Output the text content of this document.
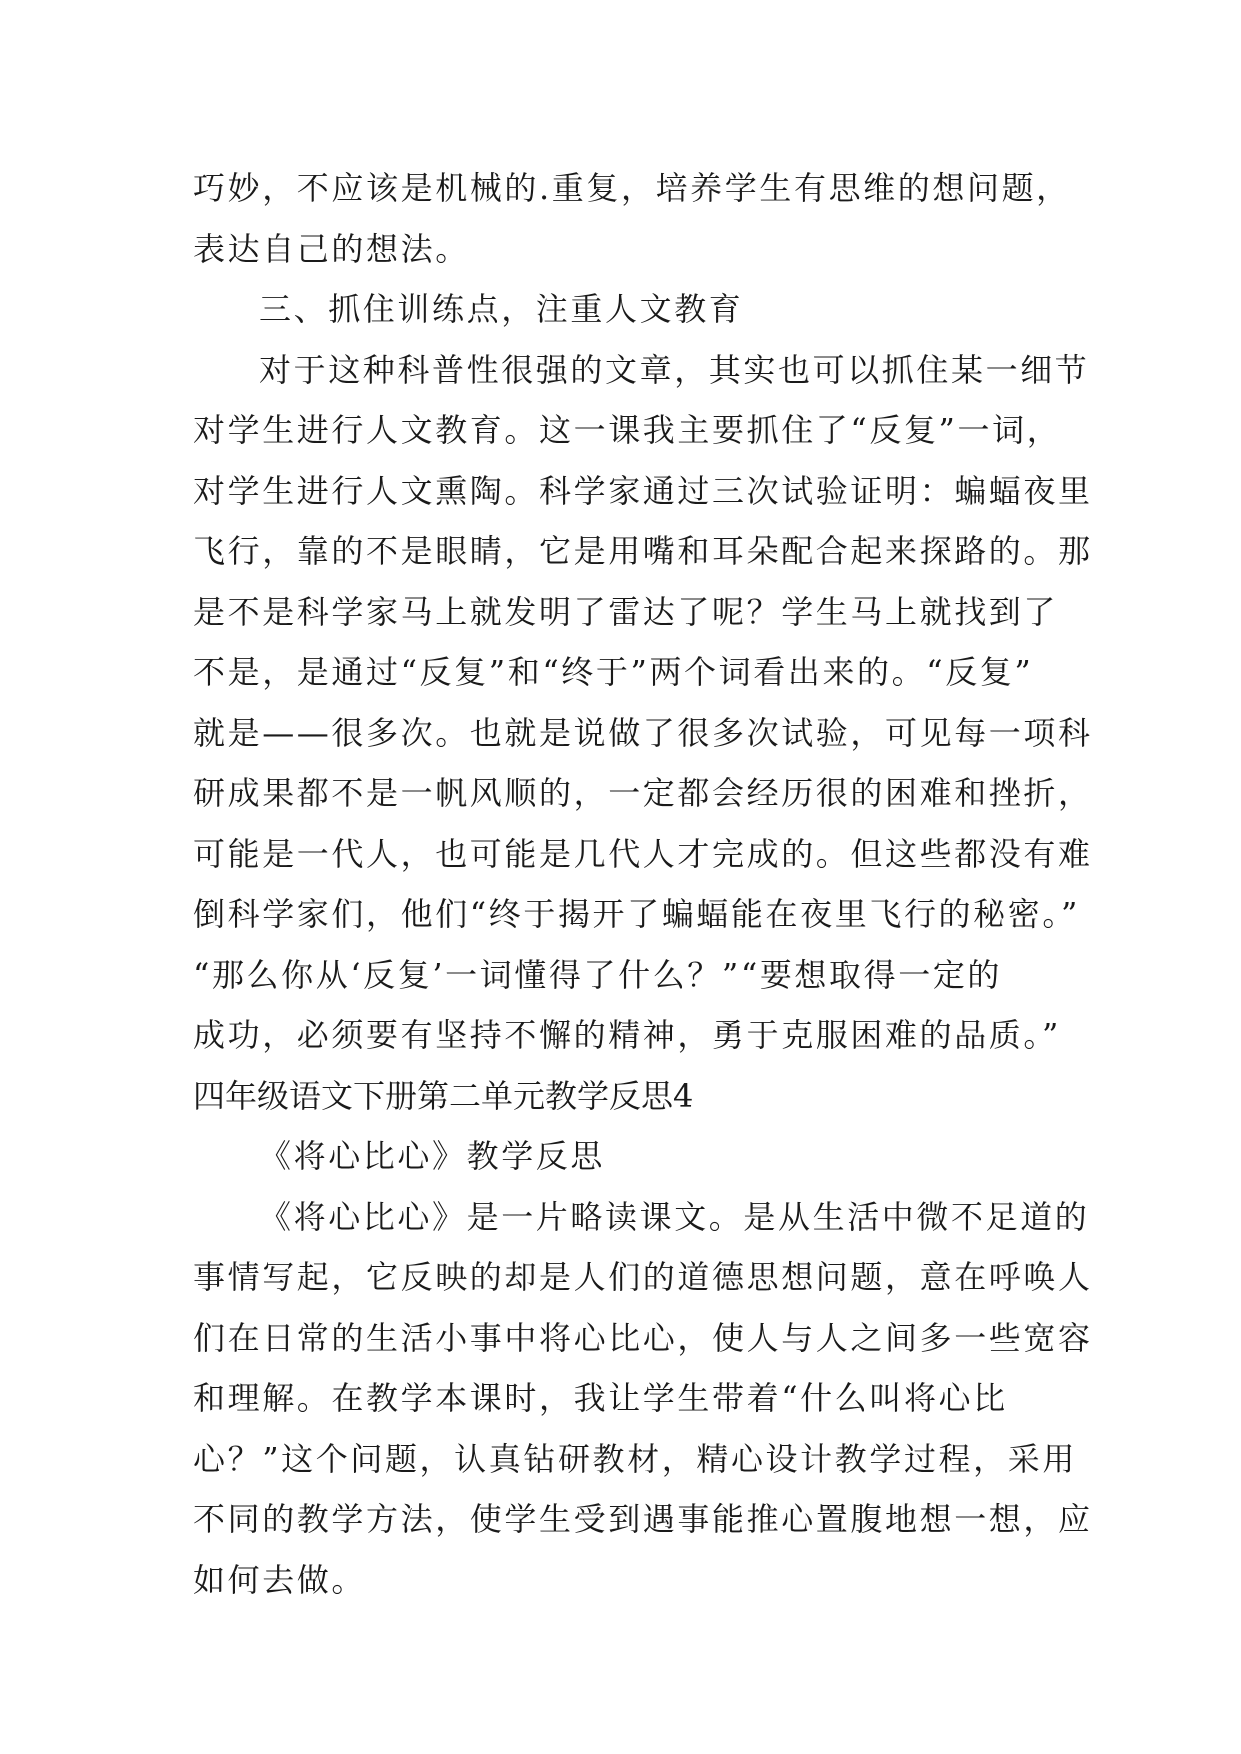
巧妙，不应该是机械的.重复，培养学生有思维的想问题，
表达自己的想法。
三、抓住训练点，注重人文教育
对于这种科普性很强的文章，其实也可以抓住某一细节
对学生进行人文教育。这一课我主要抓住了“反复”一词，
对学生进行人文熏陶。科学家通过三次试验证明：蝙蝠夜里
飞行，靠的不是眼睛，它是用嘴和耳朵配合起来探路的。那
是不是科学家马上就发明了雷达了呢？学生马上就找到了
不是，是通过“反复”和“终于”两个词看出来的。“反复”
就是——很多次。也就是说做了很多次试验，可见每一项科
研成果都不是一帆风顺的，一定都会经历很的困难和挫折，
可能是一代人，也可能是几代人才完成的。但这些都没有难
倒科学家们，他们“终于揭开了蝙蝠能在夜里飞行的秘密。”
“那么你从‘反复’一词懂得了什么？”“要想取得一定的
成功，必须要有坚持不懈的精神，勇于克服困难的品质。”
四年级语文下册第二单元教学反思4
《将心比心》教学反思
《将心比心》是一片略读课文。是从生活中微不足道的
事情写起，它反映的却是人们的道德思想问题，意在呼唤人
们在日常的生活小事中将心比心，使人与人之间多一些宽容
和理解。在教学本课时，我让学生带着“什么叫将心比
心？”这个问题，认真钻研教材，精心设计教学过程，采用
不同的教学方法，使学生受到遇事能推心置腹地想一想，应
如何去做。
